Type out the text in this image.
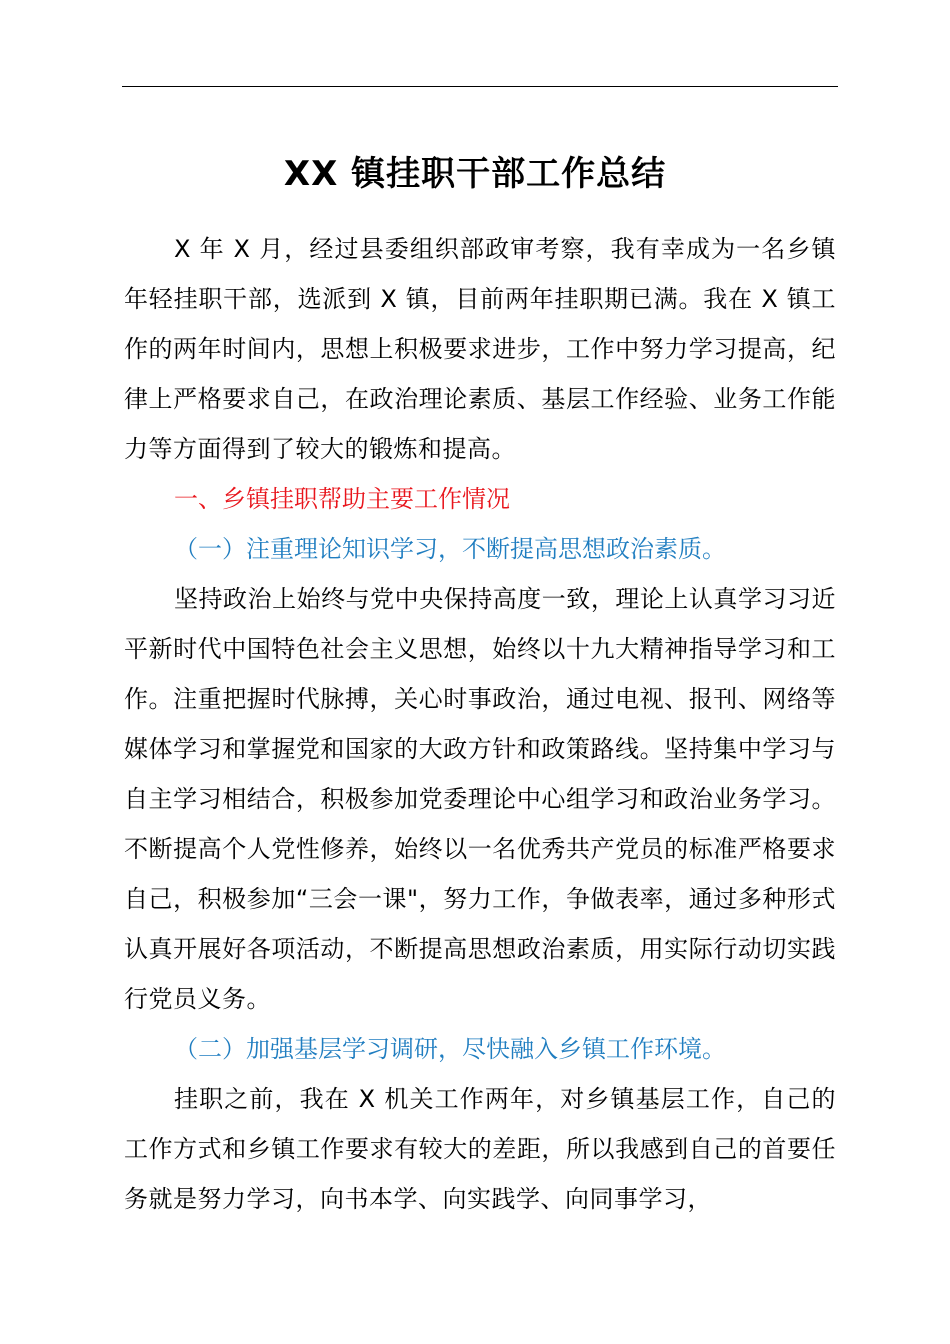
XX 镇挂职干部工作总结

X 年 X 月，经过县委组织部政审考察，我有幸成为一名乡镇年轻挂职干部，选派到 X 镇，目前两年挂职期已满。我在 X 镇工作的两年时间内，思想上积极要求进步，工作中努力学习提高，纪律上严格要求自己，在政治理论素质、基层工作经验、业务工作能力等方面得到了较大的锻炼和提高。

一、乡镇挂职帮助主要工作情况

（一）注重理论知识学习，不断提高思想政治素质。

坚持政治上始终与党中央保持高度一致，理论上认真学习习近平新时代中国特色社会主义思想，始终以十九大精神指导学习和工作。注重把握时代脉搏，关心时事政治，通过电视、报刊、网络等媒体学习和掌握党和国家的大政方针和政策路线。坚持集中学习与自主学习相结合，积极参加党委理论中心组学习和政治业务学习。不断提高个人党性修养，始终以一名优秀共产党员的标准严格要求自己，积极参加“三会一课"，努力工作，争做表率，通过多种形式认真开展好各项活动，不断提高思想政治素质，用实际行动切实践行党员义务。

（二）加强基层学习调研，尽快融入乡镇工作环境。

挂职之前，我在 X 机关工作两年，对乡镇基层工作，自己的工作方式和乡镇工作要求有较大的差距，所以我感到自己的首要任务就是努力学习，向书本学、向实践学、向同事学习，
